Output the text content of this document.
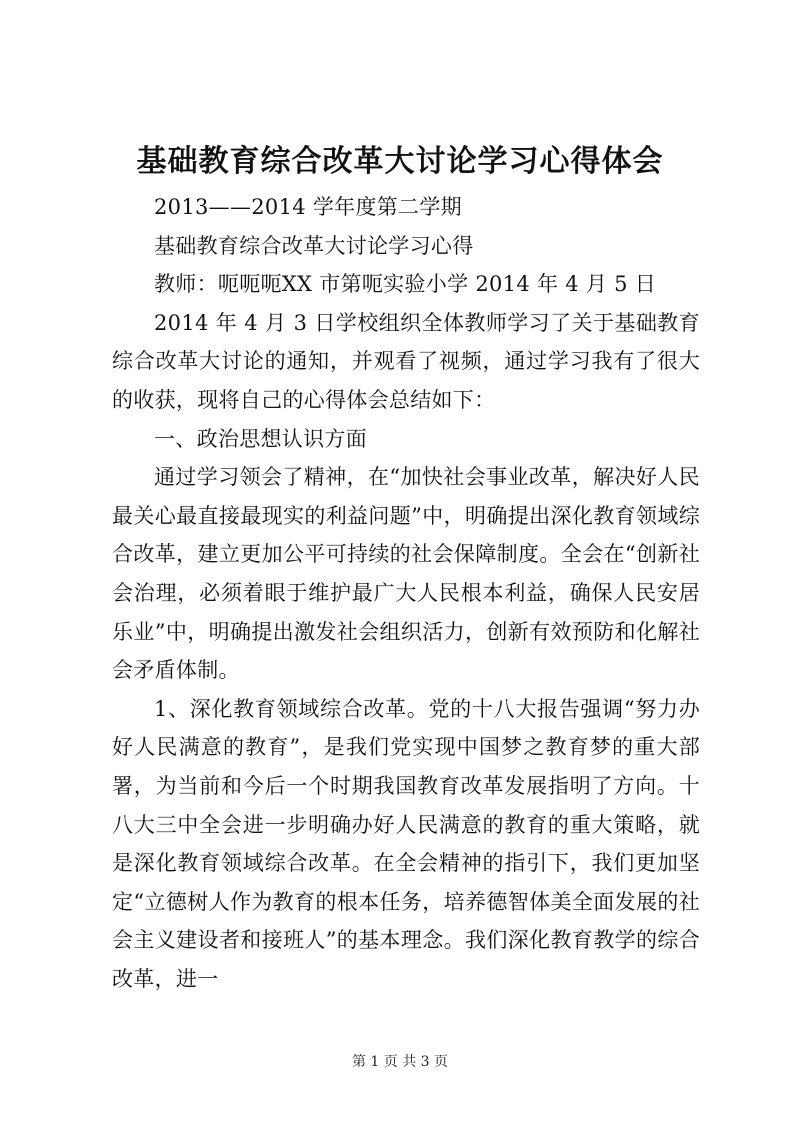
基础教育综合改革大讨论学习心得体会

2013——2014 学年度第二学期

基础教育综合改革大讨论学习心得

教师：呃呃呃XX 市第呃实验小学 2014 年 4 月 5 日

2014 年 4 月 3 日学校组织全体教师学习了关于基础教育综合改革大讨论的通知，并观看了视频，通过学习我有了很大的收获，现将自己的心得体会总结如下：

一、政治思想认识方面

通过学习领会了精神，在“加快社会事业改革，解决好人民最关心最直接最现实的利益问题”中，明确提出深化教育领域综合改革，建立更加公平可持续的社会保障制度。全会在“创新社会治理，必须着眼于维护最广大人民根本利益，确保人民安居乐业”中，明确提出激发社会组织活力，创新有效预防和化解社会矛盾体制。

1、深化教育领域综合改革。党的十八大报告强调“努力办好人民满意的教育”，是我们党实现中国梦之教育梦的重大部署，为当前和今后一个时期我国教育改革发展指明了方向。十八大三中全会进一步明确办好人民满意的教育的重大策略，就是深化教育领域综合改革。在全会精神的指引下，我们更加坚定“立德树人作为教育的根本任务，培养德智体美全面发展的社会主义建设者和接班人”的基本理念。我们深化教育教学的综合改革，进一

第 1 页 共 3 页
